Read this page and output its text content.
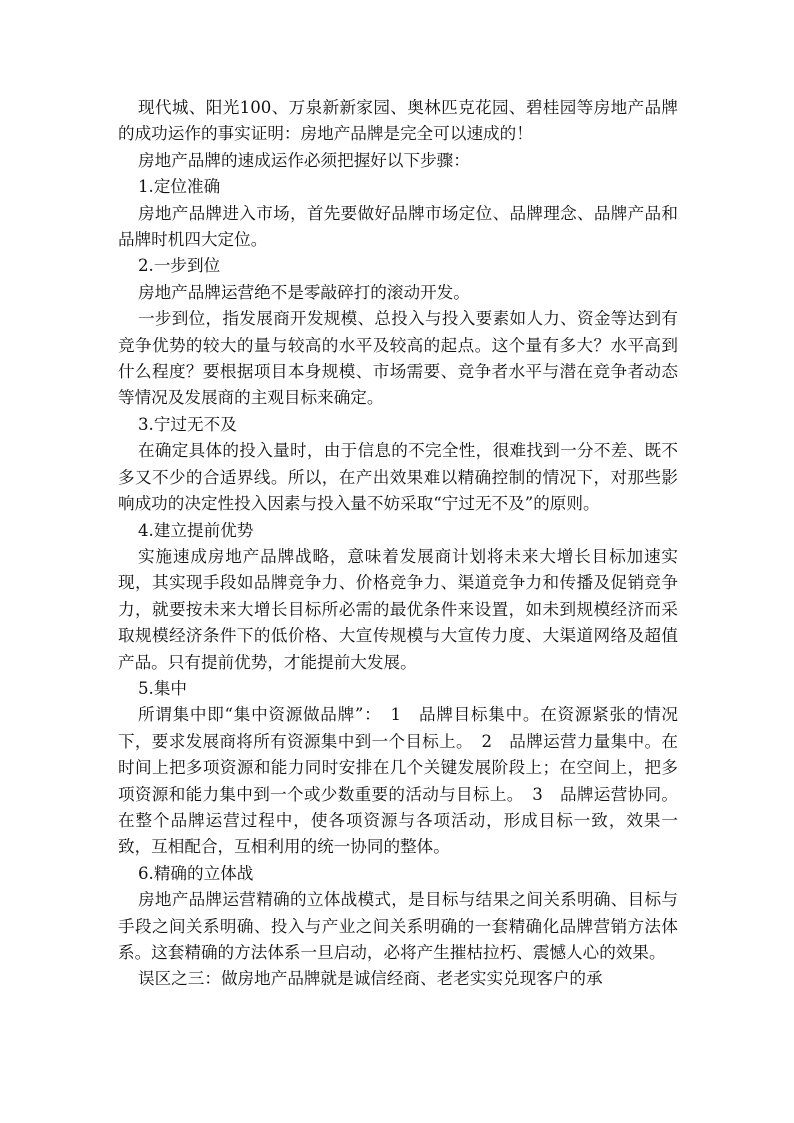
现代城、阳光100、万泉新新家园、奥林匹克花园、碧桂园等房地产品牌的成功运作的事实证明：房地产品牌是完全可以速成的！

房地产品牌的速成运作必须把握好以下步骤：

1.定位准确

房地产品牌进入市场，首先要做好品牌市场定位、品牌理念、品牌产品和品牌时机四大定位。

2.一步到位

房地产品牌运营绝不是零敲碎打的滚动开发。

一步到位，指发展商开发规模、总投入与投入要素如人力、资金等达到有竞争优势的较大的量与较高的水平及较高的起点。这个量有多大？水平高到什么程度？要根据项目本身规模、市场需要、竞争者水平与潜在竞争者动态等情况及发展商的主观目标来确定。

3.宁过无不及

在确定具体的投入量时，由于信息的不完全性，很难找到一分不差、既不多又不少的合适界线。所以，在产出效果难以精确控制的情况下，对那些影响成功的决定性投入因素与投入量不妨采取“宁过无不及”的原则。

4.建立提前优势

实施速成房地产品牌战略，意味着发展商计划将未来大增长目标加速实现，其实现手段如品牌竞争力、价格竞争力、渠道竞争力和传播及促销竞争力，就要按未来大增长目标所必需的最优条件来设置，如未到规模经济而采取规模经济条件下的低价格、大宣传规模与大宣传力度、大渠道网络及超值产品。只有提前优势，才能提前大发展。

5.集中

所谓集中即“集中资源做品牌”：　1　品牌目标集中。在资源紧张的情况下，要求发展商将所有资源集中到一个目标上。　2　品牌运营力量集中。在时间上把多项资源和能力同时安排在几个关键发展阶段上；在空间上，把多项资源和能力集中到一个或少数重要的活动与目标上。　3　品牌运营协同。在整个品牌运营过程中，使各项资源与各项活动，形成目标一致，效果一致，互相配合，互相利用的统一协同的整体。

6.精确的立体战

房地产品牌运营精确的立体战模式，是目标与结果之间关系明确、目标与手段之间关系明确、投入与产业之间关系明确的一套精确化品牌营销方法体系。这套精确的方法体系一旦启动，必将产生摧枯拉朽、震憾人心的效果。

误区之三：做房地产品牌就是诚信经商、老老实实兑现客户的承
